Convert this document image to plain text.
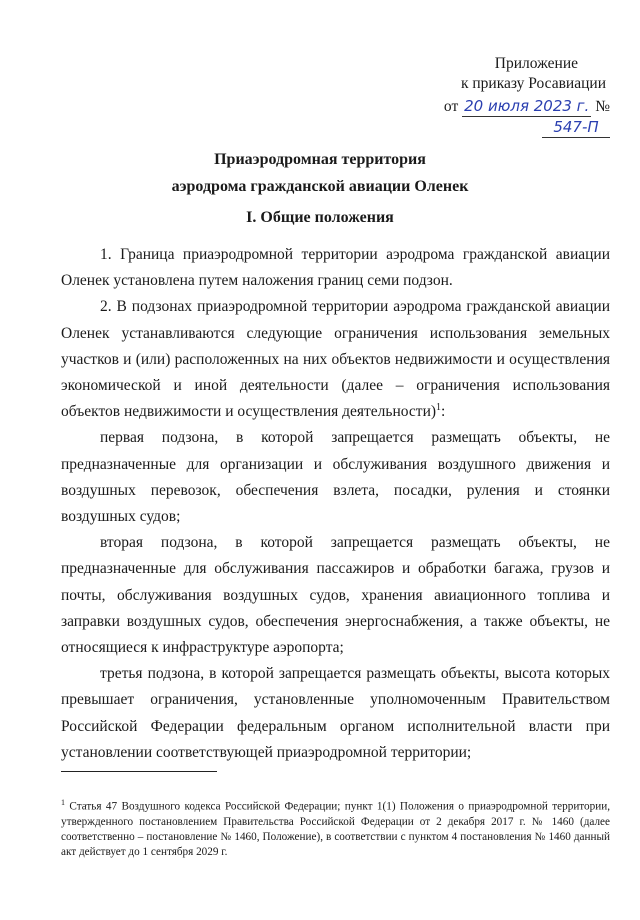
Приложение
к приказу Росавиации
от 20 июля 2023 г. № 547-П
Приаэродромная территория
аэродрома гражданской авиации Оленек
I. Общие положения

1. Граница приаэродромной территории аэродрома гражданской авиации Оленек установлена путем наложения границ семи подзон.

2. В подзонах приаэродромной территории аэродрома гражданской авиации Оленек устанавливаются следующие ограничения использования земельных участков и (или) расположенных на них объектов недвижимости и осуществления экономической и иной деятельности (далее – ограничения использования объектов недвижимости и осуществления деятельности)$^1$:

первая подзона, в которой запрещается размещать объекты, не предназначенные для организации и обслуживания воздушного движения и воздушных перевозок, обеспечения взлета, посадки, руления и стоянки воздушных судов;

вторая подзона, в которой запрещается размещать объекты, не предназначенные для обслуживания пассажиров и обработки багажа, грузов и почты, обслуживания воздушных судов, хранения авиационного топлива и заправки воздушных судов, обеспечения энергоснабжения, а также объекты, не относящиеся к инфраструктуре аэропорта;

третья подзона, в которой запрещается размещать объекты, высота которых превышает ограничения, установленные уполномоченным Правительством Российской Федерации федеральным органом исполнительной власти при установлении соответствующей приаэродромной территории;

$^1$ Статья 47 Воздушного кодекса Российской Федерации; пункт 1(1) Положения о приаэродромной территории, утвержденного постановлением Правительства Российской Федерации от 2 декабря 2017 г. № 1460 (далее соответственно – постановление № 1460, Положение), в соответствии с пунктом 4 постановления № 1460 данный акт действует до 1 сентября 2029 г.
